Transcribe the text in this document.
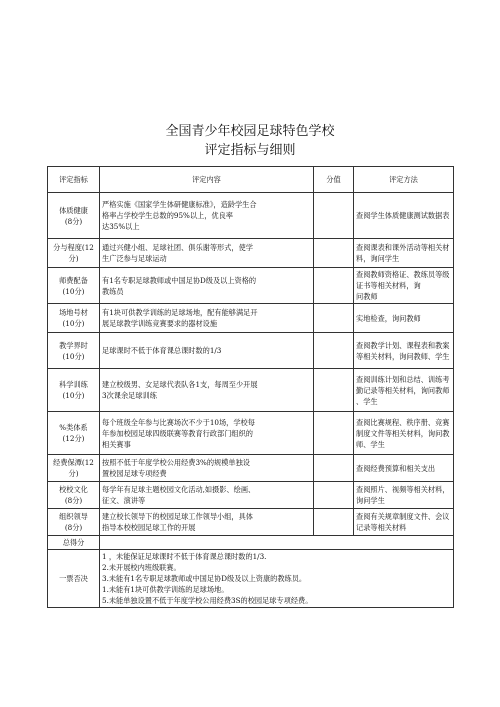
全国青少年校园足球特色学校
评定指标与细则
评定指标	评定内容	分值	评定方法

体质健康
(8分)	严格实施《国家学生体研健康标准》，造龄学生合
格率占学校学生总数的95%以上，优良率
达35%以上		查阅学生体质健康测试数据表

分与程度(12
分)	通过兴健小组、足球社团、俱乐谢等形式，使学
生广泛参与足球运动		查阅课表和课外活动等相关材
料，询问学生

师费配备
(10分)	有1名专职足球教师或中国足协D级及以上资格的
教练员		查阅教师资格证、教练员等级
证书等相关材料，询
问教师

场地号材
(10分)	有1块可供教学训练的足球场地，配有能够满足开
展足球教学训练竞赛要求的器材设施		实地检查，询问教师

教学界时
(10分)	足球课时不低于体育课总课时数的1/3		查阅教学计划、课程表和教案
等相关材料，询问教师、学生

科学训练
(10分)	建立校级男、女足球代表队各1支，每周至少开展
3次课余足球训练		查阅训练计划和总结、训练考
勤记录等相关材料，询问教师
、学生

%类体系
(12分)	每个班级全年参与比赛场次不少于10场，学校每
年参加校园足球四级联赛等教育行政部门组织的
相关赛事		查阅比赛规程、秩序册、竞赛
制度文件等相关材料，询问教
师、学生

经费保潭(12
分)	按照不低于年度学校公用经费3%的规模单独设
置校园足球专项经费		查阅经费预算和相关支出

校校文化
(8分)	每学年有足球主题校园文化活动,如摄影、绘画、
征文、演讲等		查阅照片、视频等相关材料，
询问学生

组织领导
(8分)	建立校长领导下的校园足球工作领导小组，具体
指导本校校园足球工作的开展		查阅有关规章制度文件、会议
记录等相关材料

总得分			
一票否决	1 ，未能保证足球课时不低于体育课总课时数的1/3.
2.未开展校内班级联赛。
3.未能有1名专职足球教师或中国足协D级及以上资康的教练员。
1.未能有1块可供教学训练的足球场地。
5.未能单独设置不低于年度学校公用经费3S的校园足球专项经费。		
